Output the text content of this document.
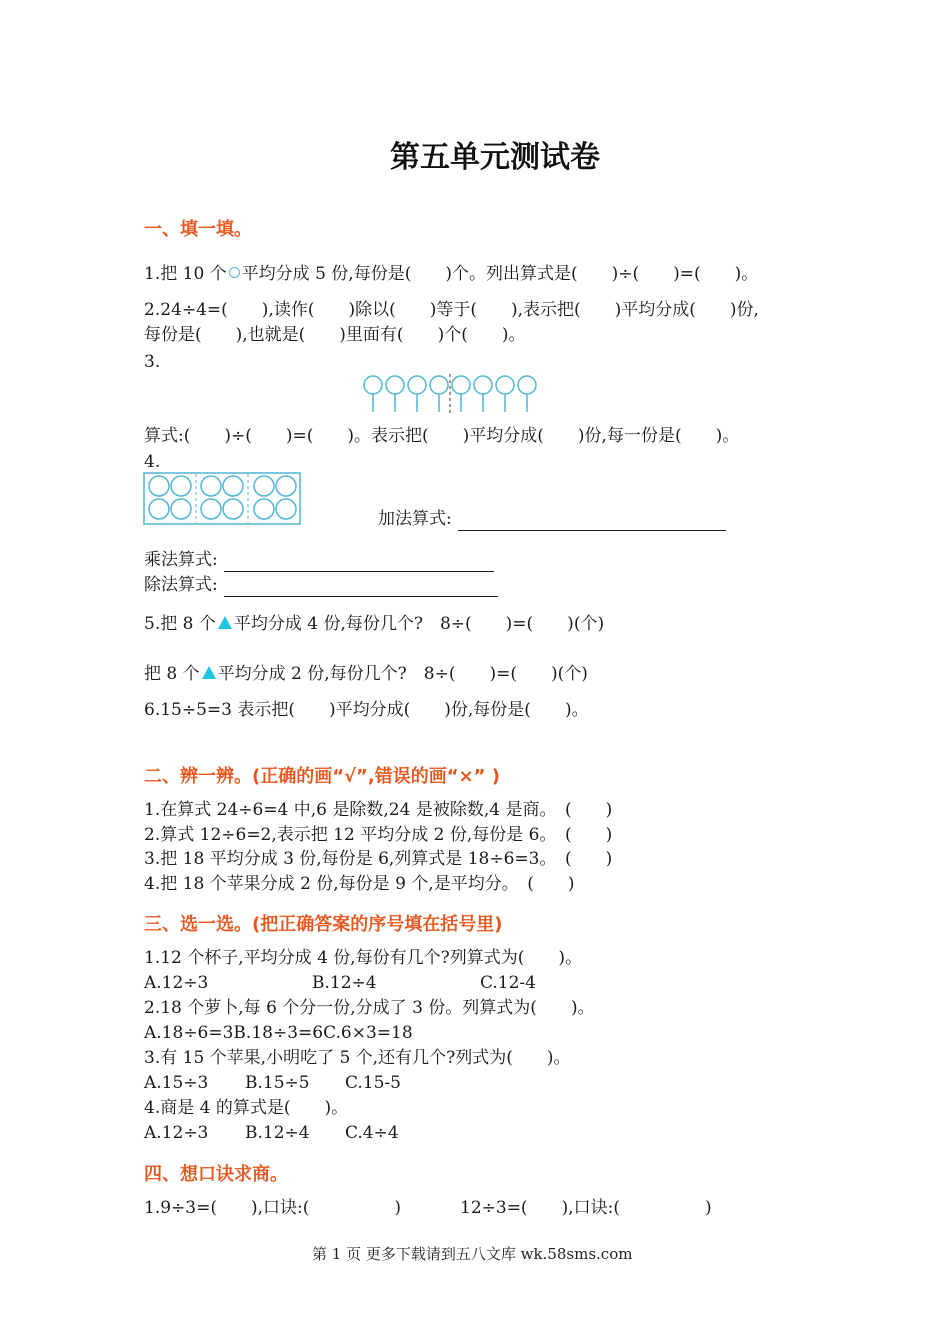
第五单元测试卷
一、填一填。
1.把 10 个 平均分成 5 份,每份是(　　)个。列出算式是(　　)÷(　　)=(　　)。
2.24÷4=(　　),读作(　　)除以(　　)等于(　　),表示把(　　)平均分成(　　)份,
每份是(　　),也就是(　　)里面有(　　)个(　　)。
3.
算式:(　　)÷(　　)=(　　)。表示把(　　)平均分成(　　)份,每一份是(　　)。
4.
加法算式:
乘法算式:
除法算式:
5.把 8 个 平均分成 4 份,每份几个?　8÷(　　)=(　　)(个)
把 8 个 平均分成 2 份,每份几个?　8÷(　　)=(　　)(个)
6.15÷5=3 表示把(　　)平均分成(　　)份,每份是(　　)。
二、辨一辨。(正确的画“√”,错误的画“×” )
1.在算式 24÷6=4 中,6 是除数,24 是被除数,4 是商。　(　　)
2.算式 12÷6=2,表示把 12 平均分成 2 份,每份是 6。　(　　)
3.把 18 平均分成 3 份,每份是 6,列算式是 18÷6=3。　(　　)
4.把 18 个苹果分成 2 份,每份是 9 个,是平均分。　(　　)
三、选一选。(把正确答案的序号填在括号里)
1.12 个杯子,平均分成 4 份,每份有几个?列算式为(　　)。
A.12÷3	B.12÷4	C.12-4
2.18 个萝卜,每 6 个分一份,分成了 3 份。列算式为(　　)。
A.18÷6=3B.18÷3=6C.6×3=18
3.有 15 个苹果,小明吃了 5 个,还有几个?列式为(　　)。
A.15÷3 B.15÷5 C.15-5
4.商是 4 的算式是(　　)。
A.12÷3 B.12÷4 C.4÷4
四、想口诀求商。
1.9÷3=(　　),口诀:(　　　　　)	12÷3=(　　),口诀:(　　　　　)
第 1 页 更多下载请到五八文库 wk.58sms.com
